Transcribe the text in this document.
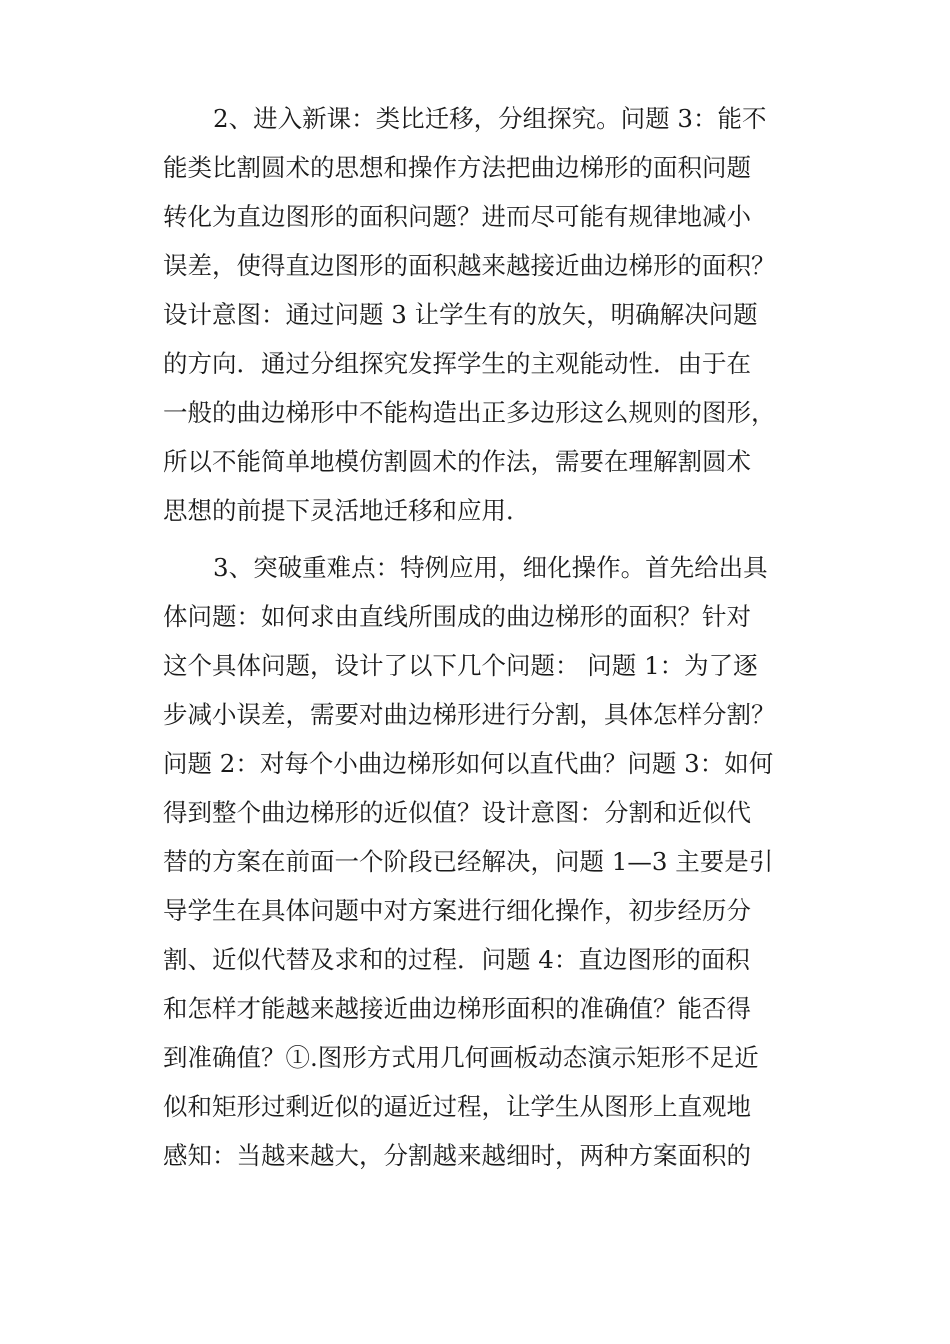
2、进入新课：类比迁移，分组探究。问题 3：能不
能类比割圆术的思想和操作方法把曲边梯形的面积问题
转化为直边图形的面积问题？进而尽可能有规律地减小
误差，使得直边图形的面积越来越接近曲边梯形的面积？
设计意图：通过问题 3 让学生有的放矢，明确解决问题
的方向．通过分组探究发挥学生的主观能动性．由于在
一般的曲边梯形中不能构造出正多边形这么规则的图形，
所以不能简单地模仿割圆术的作法，需要在理解割圆术
思想的前提下灵活地迁移和应用．
3、突破重难点：特例应用，细化操作。首先给出具
体问题：如何求由直线所围成的曲边梯形的面积？针对
这个具体问题，设计了以下几个问题： 问题 1：为了逐
步减小误差，需要对曲边梯形进行分割，具体怎样分割？
问题 2：对每个小曲边梯形如何以直代曲？问题 3：如何
得到整个曲边梯形的近似值？设计意图：分割和近似代
替的方案在前面一个阶段已经解决，问题 1—3 主要是引
导学生在具体问题中对方案进行细化操作，初步经历分
割、近似代替及求和的过程．问题 4：直边图形的面积
和怎样才能越来越接近曲边梯形面积的准确值？能否得
到准确值？①.图形方式用几何画板动态演示矩形不足近
似和矩形过剩近似的逼近过程，让学生从图形上直观地
感知：当越来越大，分割越来越细时，两种方案面积的
